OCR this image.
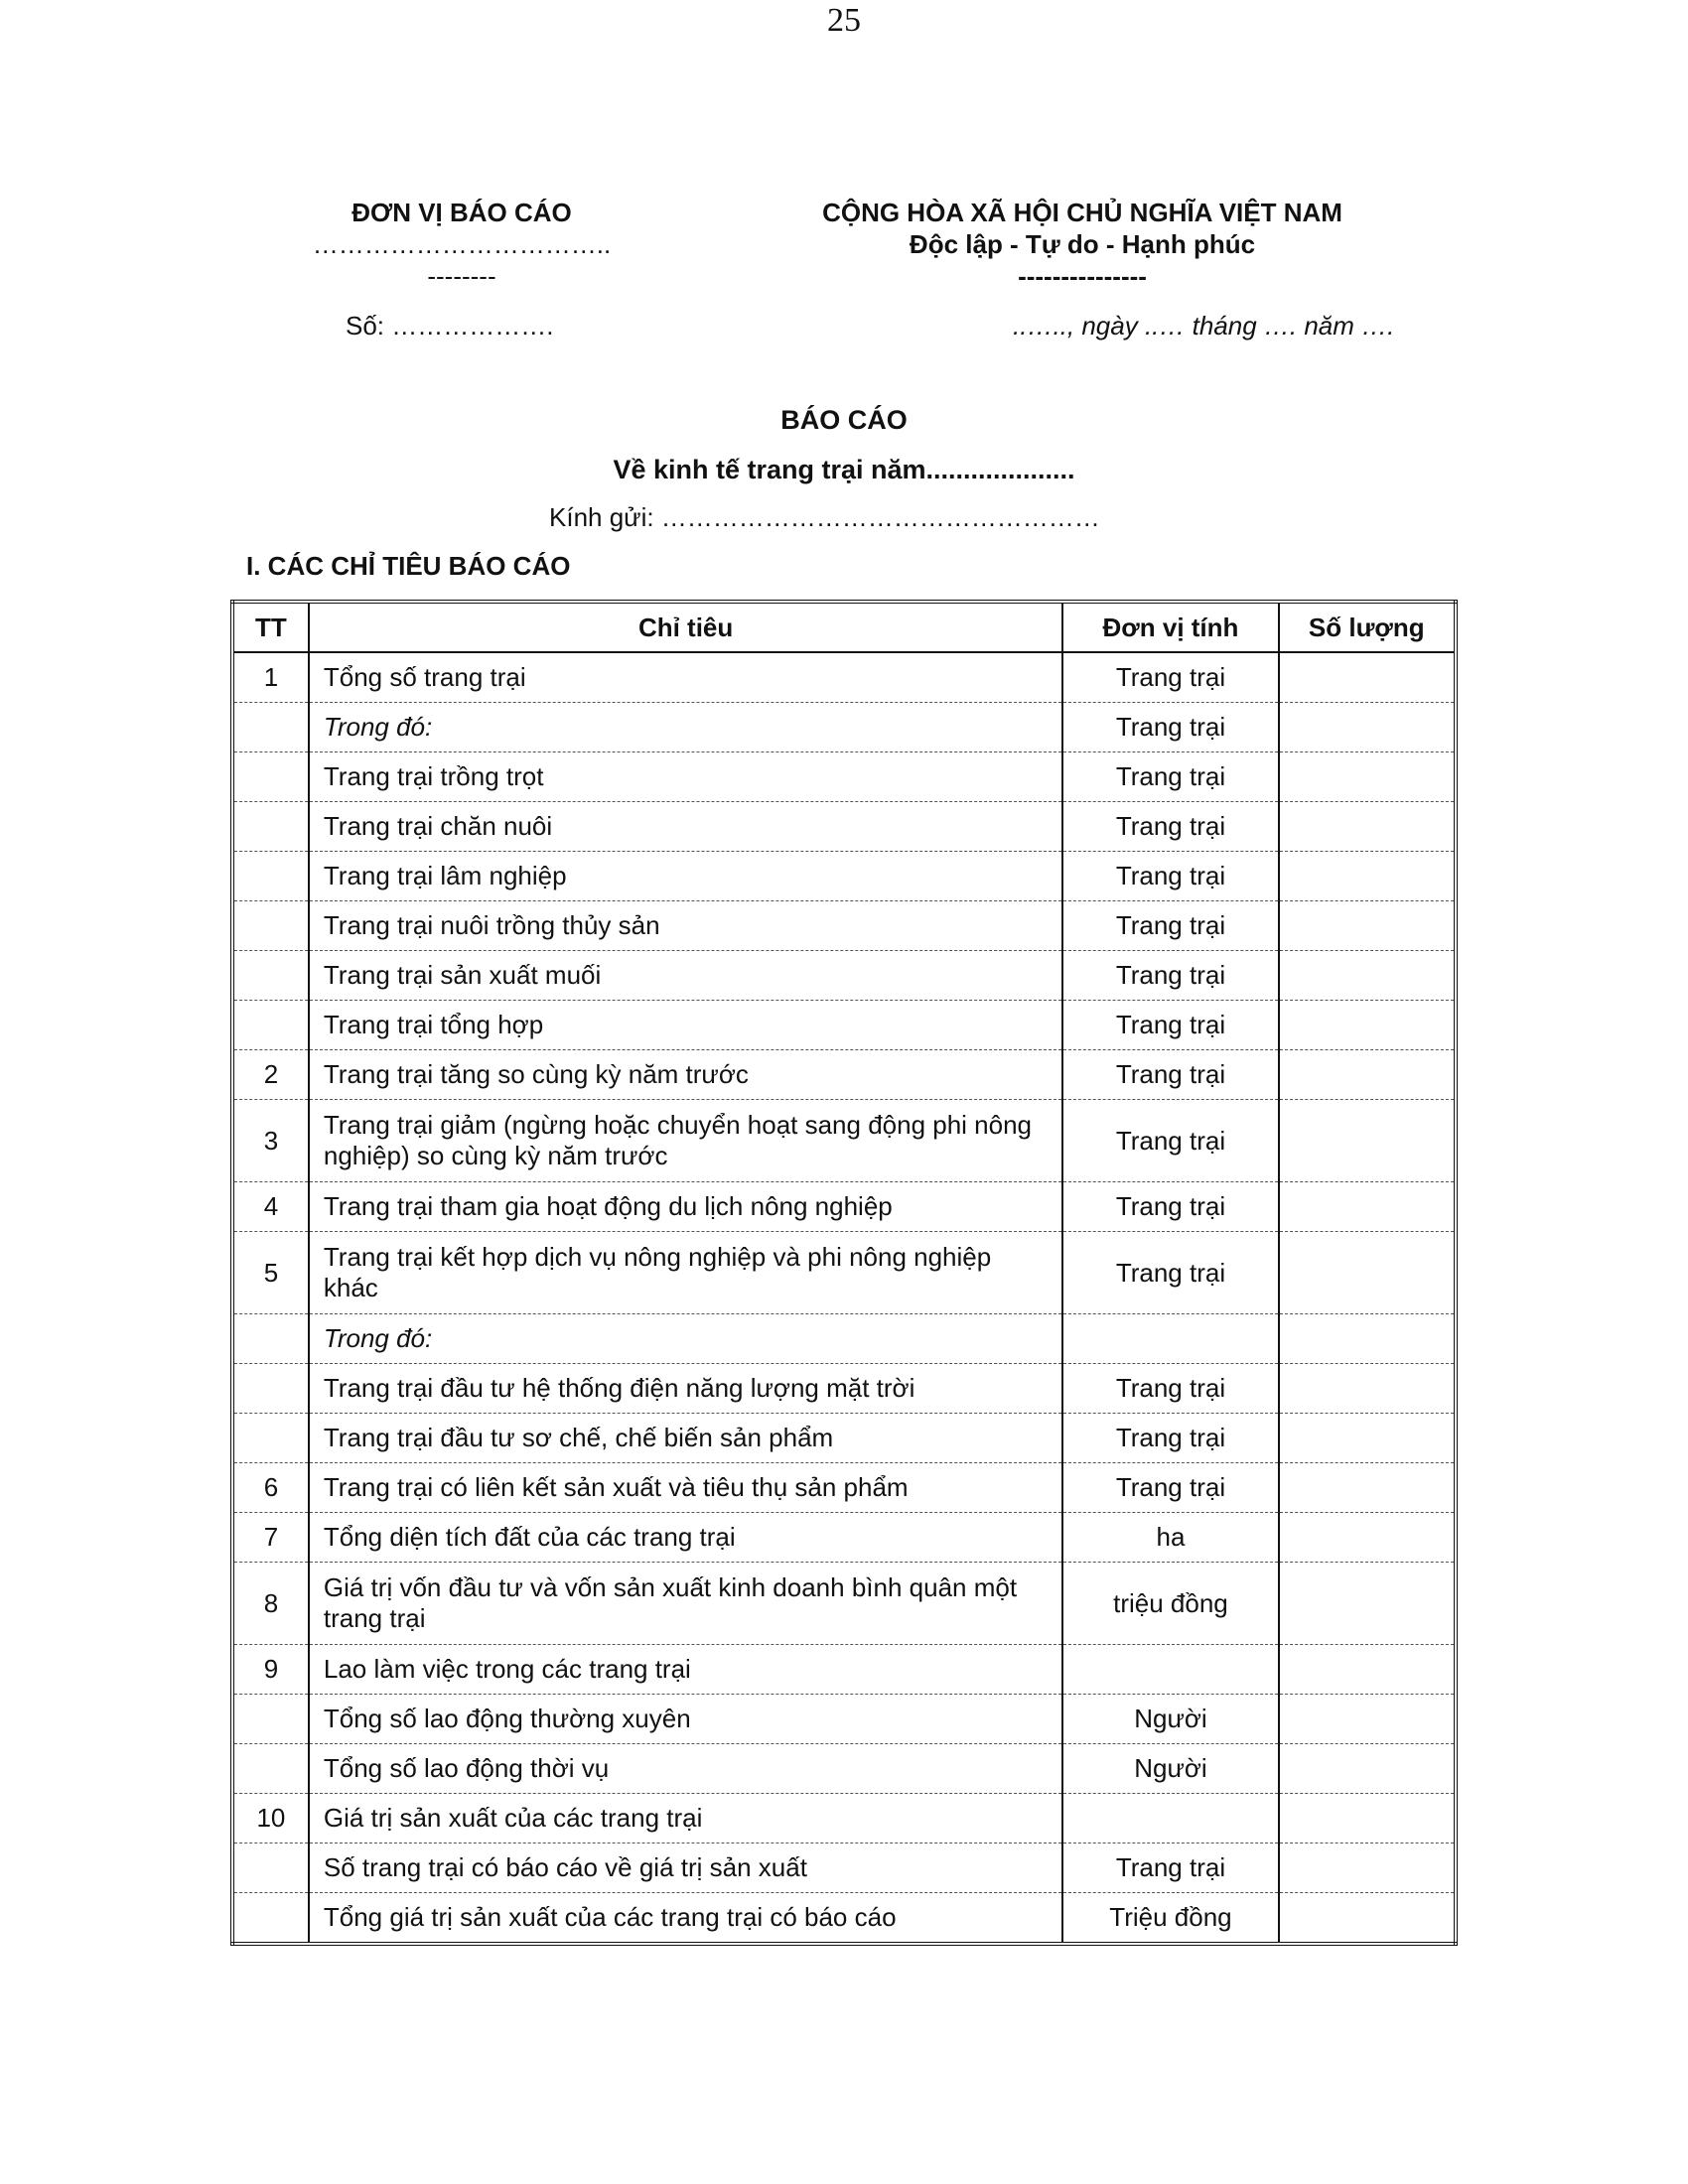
25
ĐƠN VỊ BÁO CÁO
……………………………..
--------
CỘNG HÒA XÃ HỘI CHỦ NGHĨA VIỆT NAM
Độc lập - Tự do - Hạnh phúc
---------------
Số: ……………….	..….., ngày ..… tháng …. năm ….
BÁO CÁO
Về kinh tế trang trại năm....................
Kính gửi: ……………………………………………
I. CÁC CHỈ TIÊU BÁO CÁO
TT	Chỉ tiêu	Đơn vị tính	Số lượng
1	Tổng số trang trại	Trang trại	
	Trong đó:	Trang trại	
	Trang trại trồng trọt	Trang trại	
	Trang trại chăn nuôi	Trang trại	
	Trang trại lâm nghiệp	Trang trại	
	Trang trại nuôi trồng thủy sản	Trang trại	
	Trang trại sản xuất muối	Trang trại	
	Trang trại tổng hợp	Trang trại	
2	Trang trại tăng so cùng kỳ năm trước	Trang trại	
3	Trang trại giảm (ngừng hoặc chuyển hoạt sang động phi nông nghiệp) so cùng kỳ năm trước	Trang trại	
4	Trang trại tham gia hoạt động du lịch nông nghiệp	Trang trại	
5	Trang trại kết hợp dịch vụ nông nghiệp và phi nông nghiệp khác	Trang trại	
	Trong đó:		
	Trang trại đầu tư hệ thống điện năng lượng mặt trời	Trang trại	
	Trang trại đầu tư sơ chế, chế biến sản phẩm	Trang trại	
6	Trang trại có liên kết sản xuất và tiêu thụ sản phẩm	Trang trại	
7	Tổng diện tích đất của các trang trại	ha	
8	Giá trị vốn đầu tư và vốn sản xuất kinh doanh bình quân một trang trại	triệu đồng	
9	Lao làm việc trong các trang trại		
	Tổng số lao động thường xuyên	Người	
	Tổng số lao động thời vụ	Người	
10	Giá trị sản xuất của các trang trại		
	Số trang trại có báo cáo về giá trị sản xuất	Trang trại	
	Tổng giá trị sản xuất của các trang trại có báo cáo	Triệu đồng	
